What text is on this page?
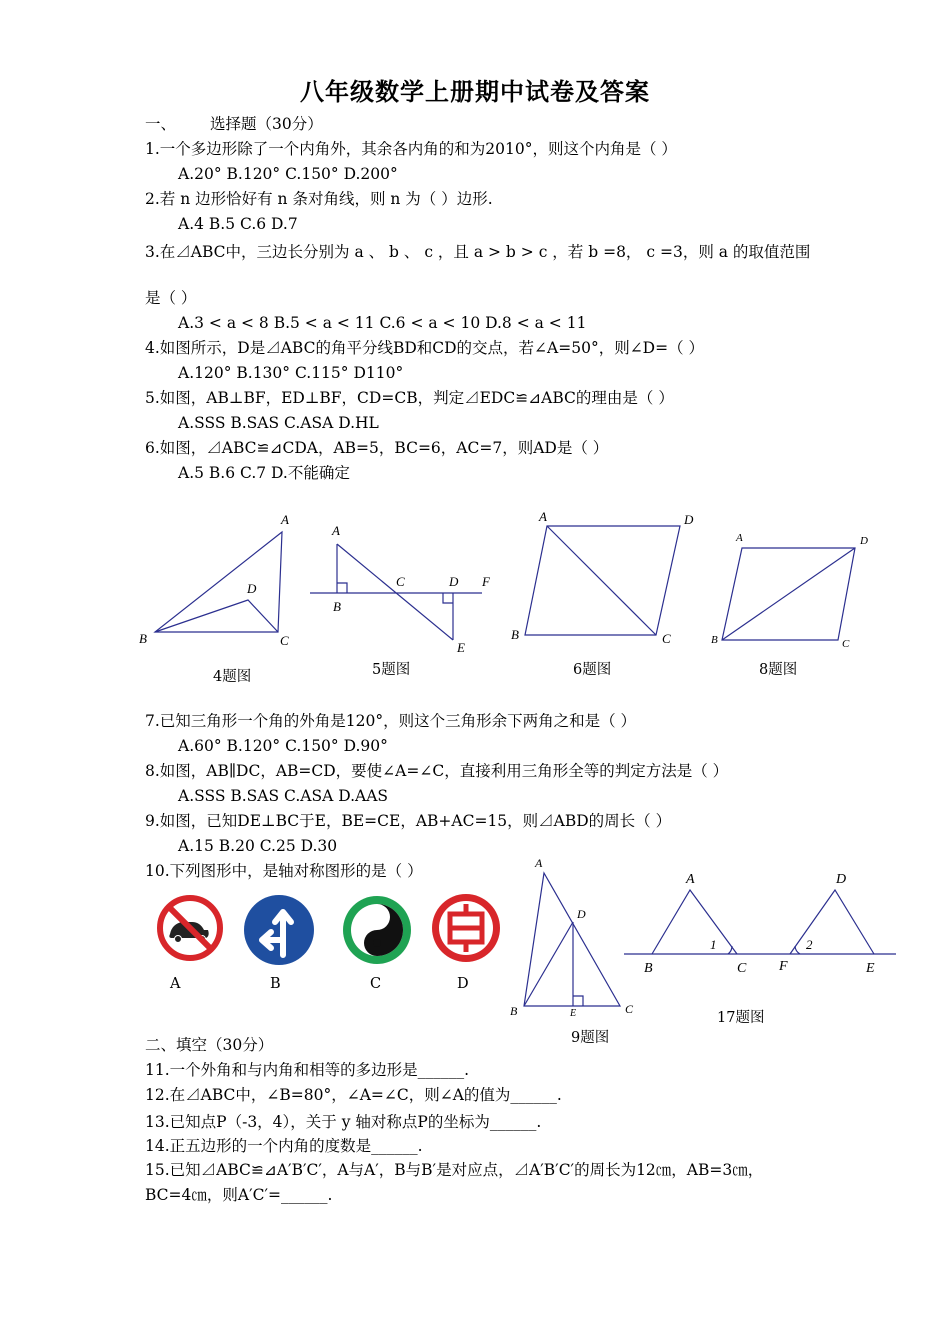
八年级数学上册期中试卷及答案
一、 选择题（30分）
1.一个多边形除了一个内角外，其余各内角的和为2010°，则这个内角是（ ）
A.20° B.120° C.150° D.200°
2.若 n 边形恰好有 n 条对角线，则 n 为（ ）边形.
A.4 B.5 C.6 D.7
3.在⊿ABC中，三边长分别为 a 、 b 、 c ，且 a > b > c ，若 b =8， c =3，则 a 的取值范围
是（ ）
A.3 < a < 8 B.5 < a < 11 C.6 < a < 10 D.8 < a < 11
4.如图所示，D是⊿ABC的角平分线BD和CD的交点，若∠A=50°，则∠D=（ ）
A.120° B.130° C.115° D110°
5.如图，AB⊥BF，ED⊥BF，CD=CB，判定⊿EDC≌⊿ABC的理由是（ ）
A.SSS B.SAS C.ASA D.HL
6.如图，⊿ABC≌⊿CDA，AB=5，BC=6，AC=7，则AD是（ ）
A.5 B.6 C.7 D.不能确定
A
B	C
D
4题图
A
B
C	D
E
F
5题图
A
B	C
D
6题图
A
B	C
D
8题图
7.已知三角形一个角的外角是120°，则这个三角形余下两角之和是（ ）
A.60° B.120° C.150° D.90°
8.如图，AB∥DC，AB=CD，要使∠A=∠C，直接利用三角形全等的判定方法是（ ）
A.SSS B.SAS C.ASA D.AAS
9.如图，已知DE⊥BC于E，BE=CE，AB+AC=15，则⊿ABD的周长（ ）
A.15 B.20 C.25 D.30
10.下列图形中，是轴对称图形的是（ ）
A	B	C	D
A
B	C
D
E
9题图
A
B	C
D
E
F
1	2
17题图
二、填空（30分）
11.一个外角和与内角和相等的多边形是______.
12.在⊿ABC中，∠B=80°，∠A=∠C，则∠A的值为______.
13.已知点P（-3，4），关于 y 轴对称点P的坐标为______.
14.正五边形的一个内角的度数是______.
15.已知⊿ABC≌⊿A′B′C′，A与A′，B与B′是对应点，⊿A′B′C′的周长为12㎝，AB=3㎝，
BC=4㎝，则A′C′=______.
